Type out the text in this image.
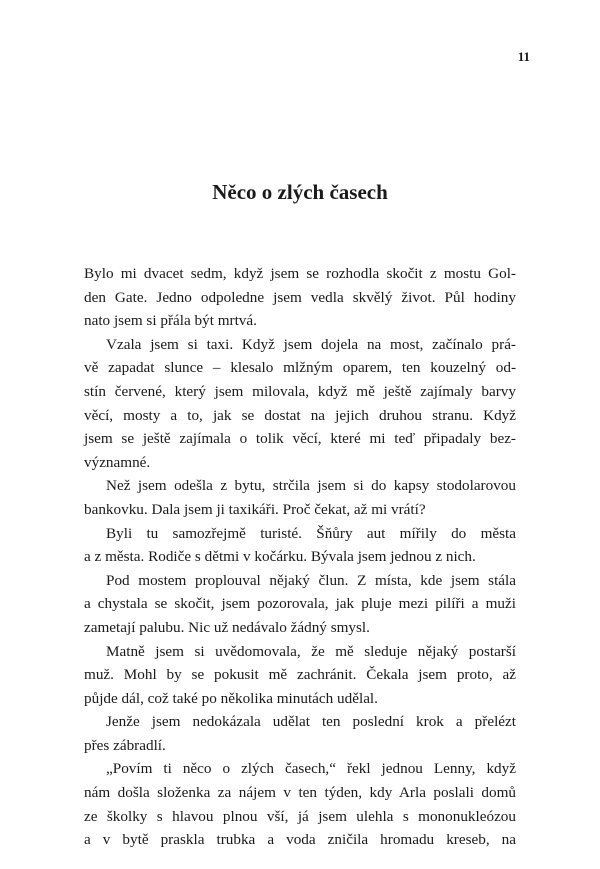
11
Něco o zlých časech
Bylo mi dvacet sedm, když jsem se rozhodla skočit z mostu Gol-
den Gate. Jedno odpoledne jsem vedla skvělý život. Půl hodiny
nato jsem si přála být mrtvá.
Vzala jsem si taxi. Když jsem dojela na most, začínalo prá-
vě zapadat slunce – klesalo mlžným oparem, ten kouzelný od-
stín červené, který jsem milovala, když mě ještě zajímaly barvy
věcí, mosty a to, jak se dostat na jejich druhou stranu. Když
jsem se ještě zajímala o tolik věcí, které mi teď připadaly bez-
významné.
Než jsem odešla z bytu, strčila jsem si do kapsy stodolarovou
bankovku. Dala jsem ji taxikáři. Proč čekat, až mi vrátí?
Byli tu samozřejmě turisté. Šňůry aut mířily do města
a z města. Rodiče s dětmi v kočárku. Bývala jsem jednou z nich.
Pod mostem proplouval nějaký člun. Z místa, kde jsem stála
a chystala se skočit, jsem pozorovala, jak pluje mezi pilíři a muži
zametají palubu. Nic už nedávalo žádný smysl.
Matně jsem si uvědomovala, že mě sleduje nějaký postarší
muž. Mohl by se pokusit mě zachránit. Čekala jsem proto, až
půjde dál, což také po několika minutách udělal.
Jenže jsem nedokázala udělat ten poslední krok a přelézt
přes zábradlí.
„Povím ti něco o zlých časech,“ řekl jednou Lenny, když
nám došla složenka za nájem v ten týden, kdy Arla poslali domů
ze školky s hlavou plnou vší, já jsem ulehla s mononukleózou
a v bytě praskla trubka a voda zničila hromadu kreseb, na
